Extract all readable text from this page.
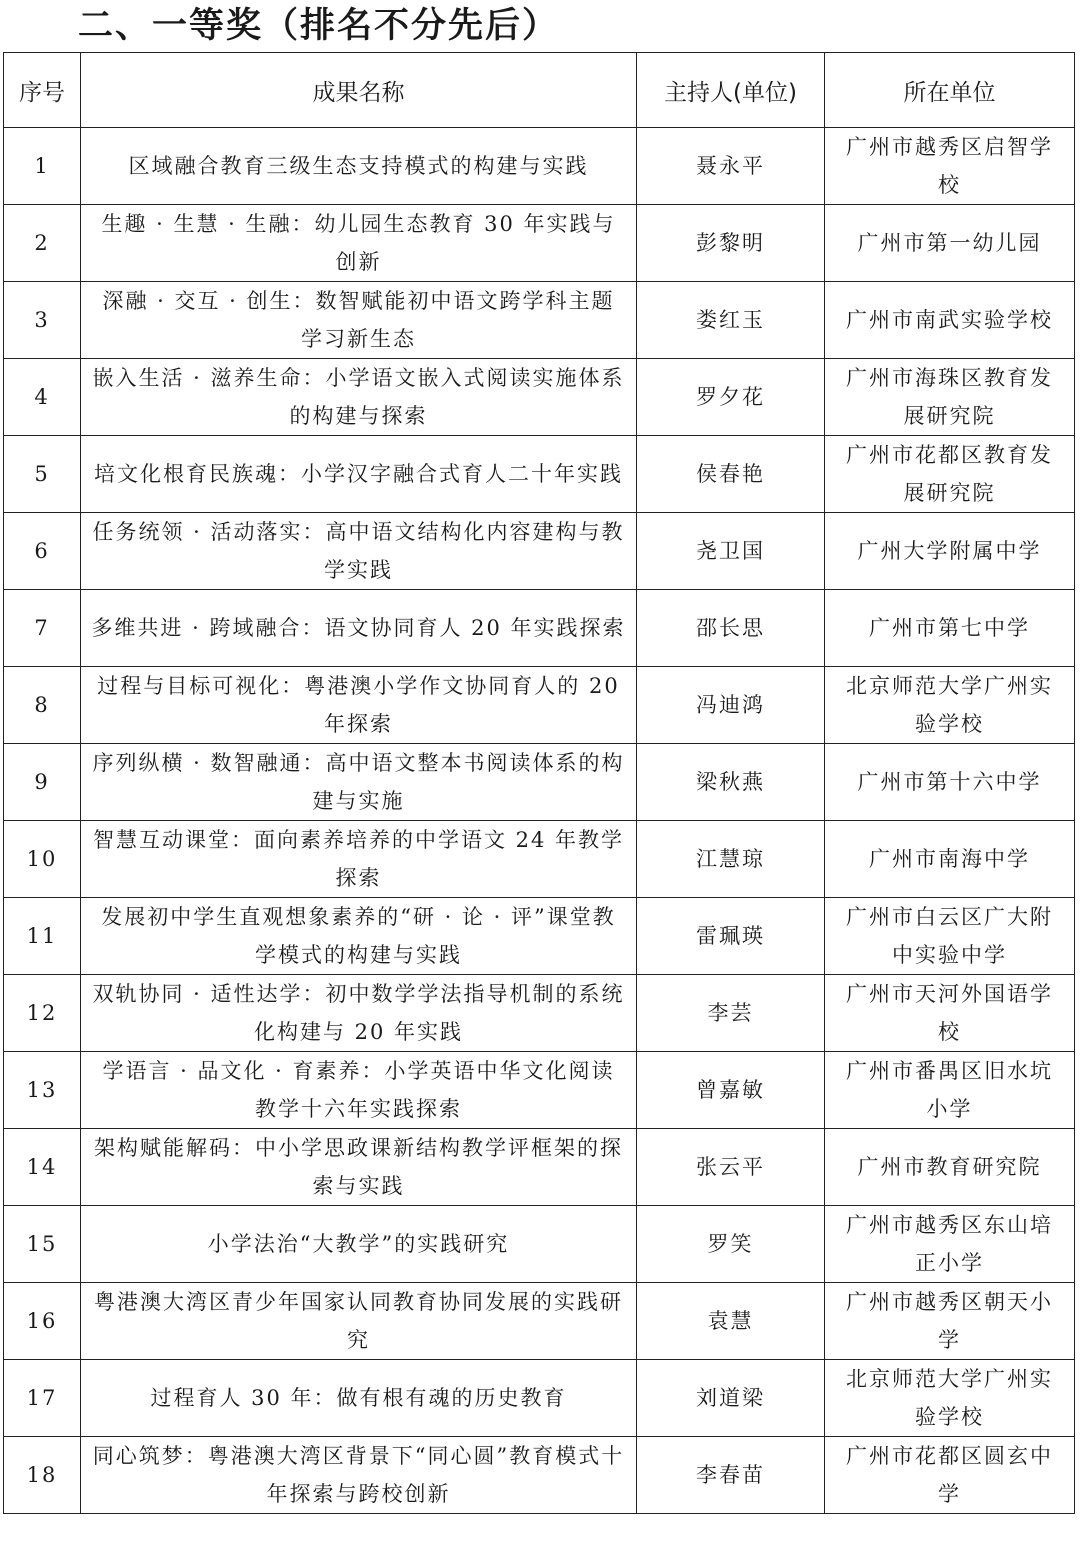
二、一等奖（排名不分先后）
序号	成果名称	主持人(单位)	所在单位
1	区域融合教育三级生态支持模式的构建与实践	聂永平	广州市越秀区启智学校
2	生趣 · 生慧 · 生融：幼儿园生态教育 30 年实践与创新	彭黎明	广州市第一幼儿园
3	深融 · 交互 · 创生：数智赋能初中语文跨学科主题学习新生态	娄红玉	广州市南武实验学校
4	嵌入生活 · 滋养生命：小学语文嵌入式阅读实施体系的构建与探索	罗夕花	广州市海珠区教育发展研究院
5	培文化根育民族魂：小学汉字融合式育人二十年实践	侯春艳	广州市花都区教育发展研究院
6	任务统领 · 活动落实：高中语文结构化内容建构与教学实践	尧卫国	广州大学附属中学
7	多维共进 · 跨域融合：语文协同育人 20 年实践探索	邵长思	广州市第七中学
8	过程与目标可视化：粤港澳小学作文协同育人的 20 年探索	冯迪鸿	北京师范大学广州实验学校
9	序列纵横 · 数智融通：高中语文整本书阅读体系的构建与实施	梁秋燕	广州市第十六中学
10	智慧互动课堂：面向素养培养的中学语文 24 年教学探索	江慧琼	广州市南海中学
11	发展初中学生直观想象素养的“研 · 论 · 评”课堂教学模式的构建与实践	雷珮瑛	广州市白云区广大附中实验中学
12	双轨协同 · 适性达学：初中数学学法指导机制的系统化构建与 20 年实践	李芸	广州市天河外国语学校
13	学语言 · 品文化 · 育素养：小学英语中华文化阅读教学十六年实践探索	曾嘉敏	广州市番禺区旧水坑小学
14	架构赋能解码：中小学思政课新结构教学评框架的探索与实践	张云平	广州市教育研究院
15	小学法治“大教学”的实践研究	罗笑	广州市越秀区东山培正小学
16	粤港澳大湾区青少年国家认同教育协同发展的实践研究	袁慧	广州市越秀区朝天小学
17	过程育人 30 年：做有根有魂的历史教育	刘道梁	北京师范大学广州实验学校
18	同心筑梦：粤港澳大湾区背景下“同心圆”教育模式十年探索与跨校创新	李春苗	广州市花都区圆玄中学
